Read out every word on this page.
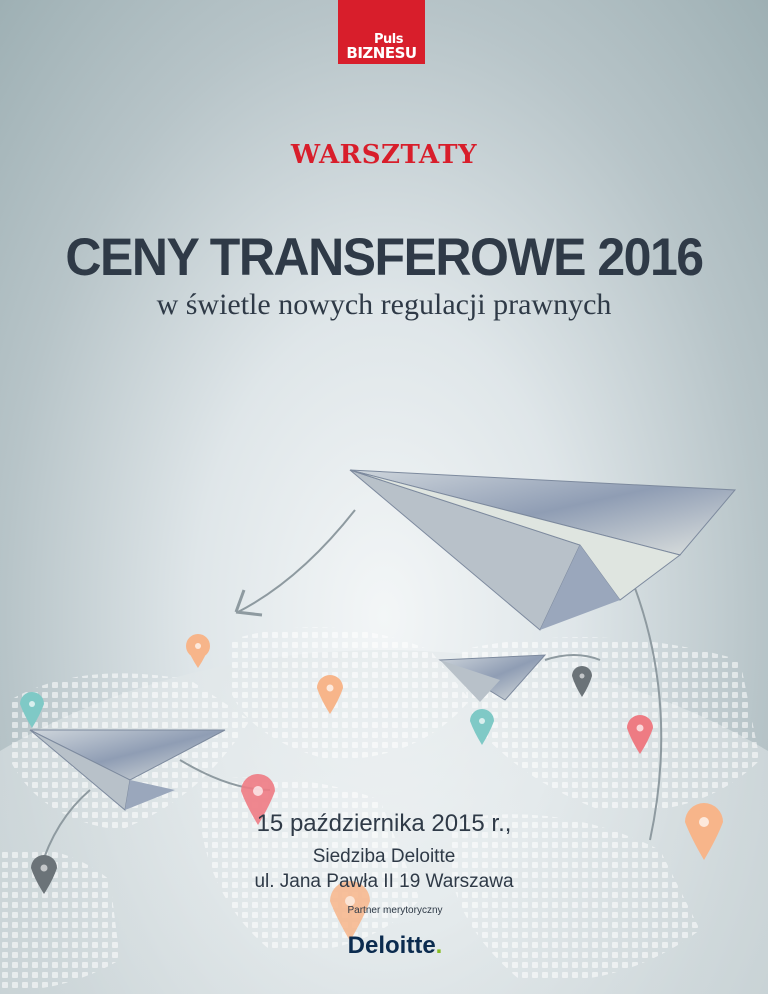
Puls
BIZNESU
WARSZTATY
CENY TRANSFEROWE 2016
w świetle nowych regulacji prawnych
15 października 2015 r.,
Siedziba Deloitte
ul. Jana Pawła II 19 Warszawa
Partner merytoryczny
Deloitte.
